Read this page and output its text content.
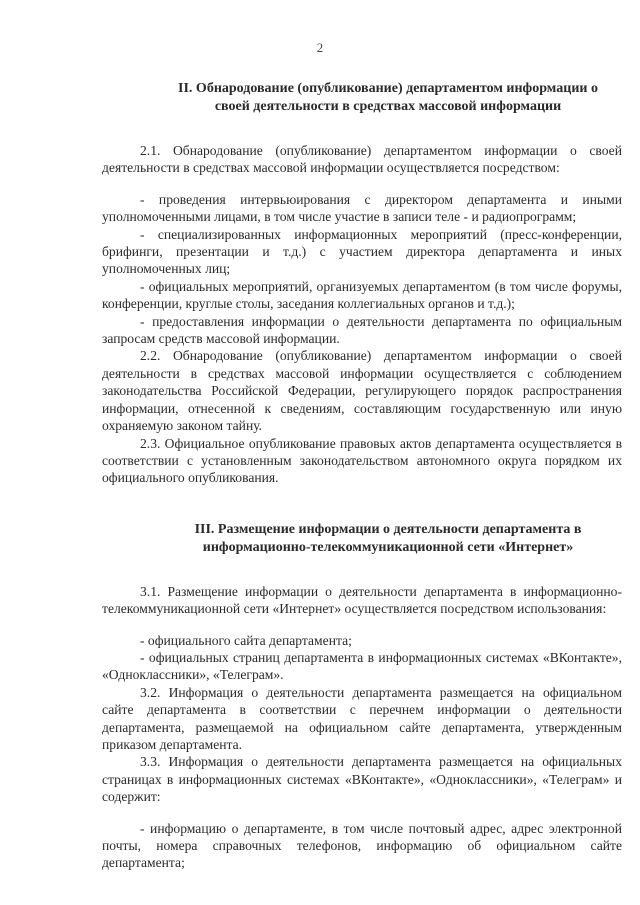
2
II. Обнародование (опубликование) департаментом информации о
своей деятельности в средствах массовой информации

2.1. Обнародование (опубликование) департаментом информации о своей деятельности в средствах массовой информации осуществляется посредством:

- проведения интервьюирования с директором департамента и иными уполномоченными лицами, в том числе участие в записи теле - и радиопрограмм;

- специализированных информационных мероприятий (пресс-конференции, брифинги, презентации и т.д.) с участием директора департамента и иных уполномоченных лиц;

- официальных мероприятий, организуемых департаментом (в том числе форумы, конференции, круглые столы, заседания коллегиальных органов и т.д.);

- предоставления информации о деятельности департамента по официальным запросам средств массовой информации.

2.2. Обнародование (опубликование) департаментом информации о своей деятельности в средствах массовой информации осуществляется с соблюдением законодательства Российской Федерации, регулирующего порядок распространения информации, отнесенной к сведениям, составляющим государственную или иную охраняемую законом тайну.

2.3. Официальное опубликование правовых актов департамента осуществляется в соответствии с установленным законодательством автономного округа порядком их официального опубликования.

III. Размещение информации о деятельности департамента в
информационно-телекоммуникационной сети «Интернет»

3.1. Размещение информации о деятельности департамента в информационно-телекоммуникационной сети «Интернет» осуществляется посредством использования:

- официального сайта департамента;

- официальных страниц департамента в информационных системах «ВКонтакте», «Одноклассники», «Телеграм».

3.2. Информация о деятельности департамента размещается на официальном сайте департамента в соответствии с перечнем информации о деятельности департамента, размещаемой на официальном сайте департамента, утвержденным приказом департамента.

3.3. Информация о деятельности департамента размещается на официальных страницах в информационных системах «ВКонтакте», «Одноклассники», «Телеграм» и содержит:

- информацию о департаменте, в том числе почтовый адрес, адрес электронной почты, номера справочных телефонов, информацию об официальном сайте департамента;
